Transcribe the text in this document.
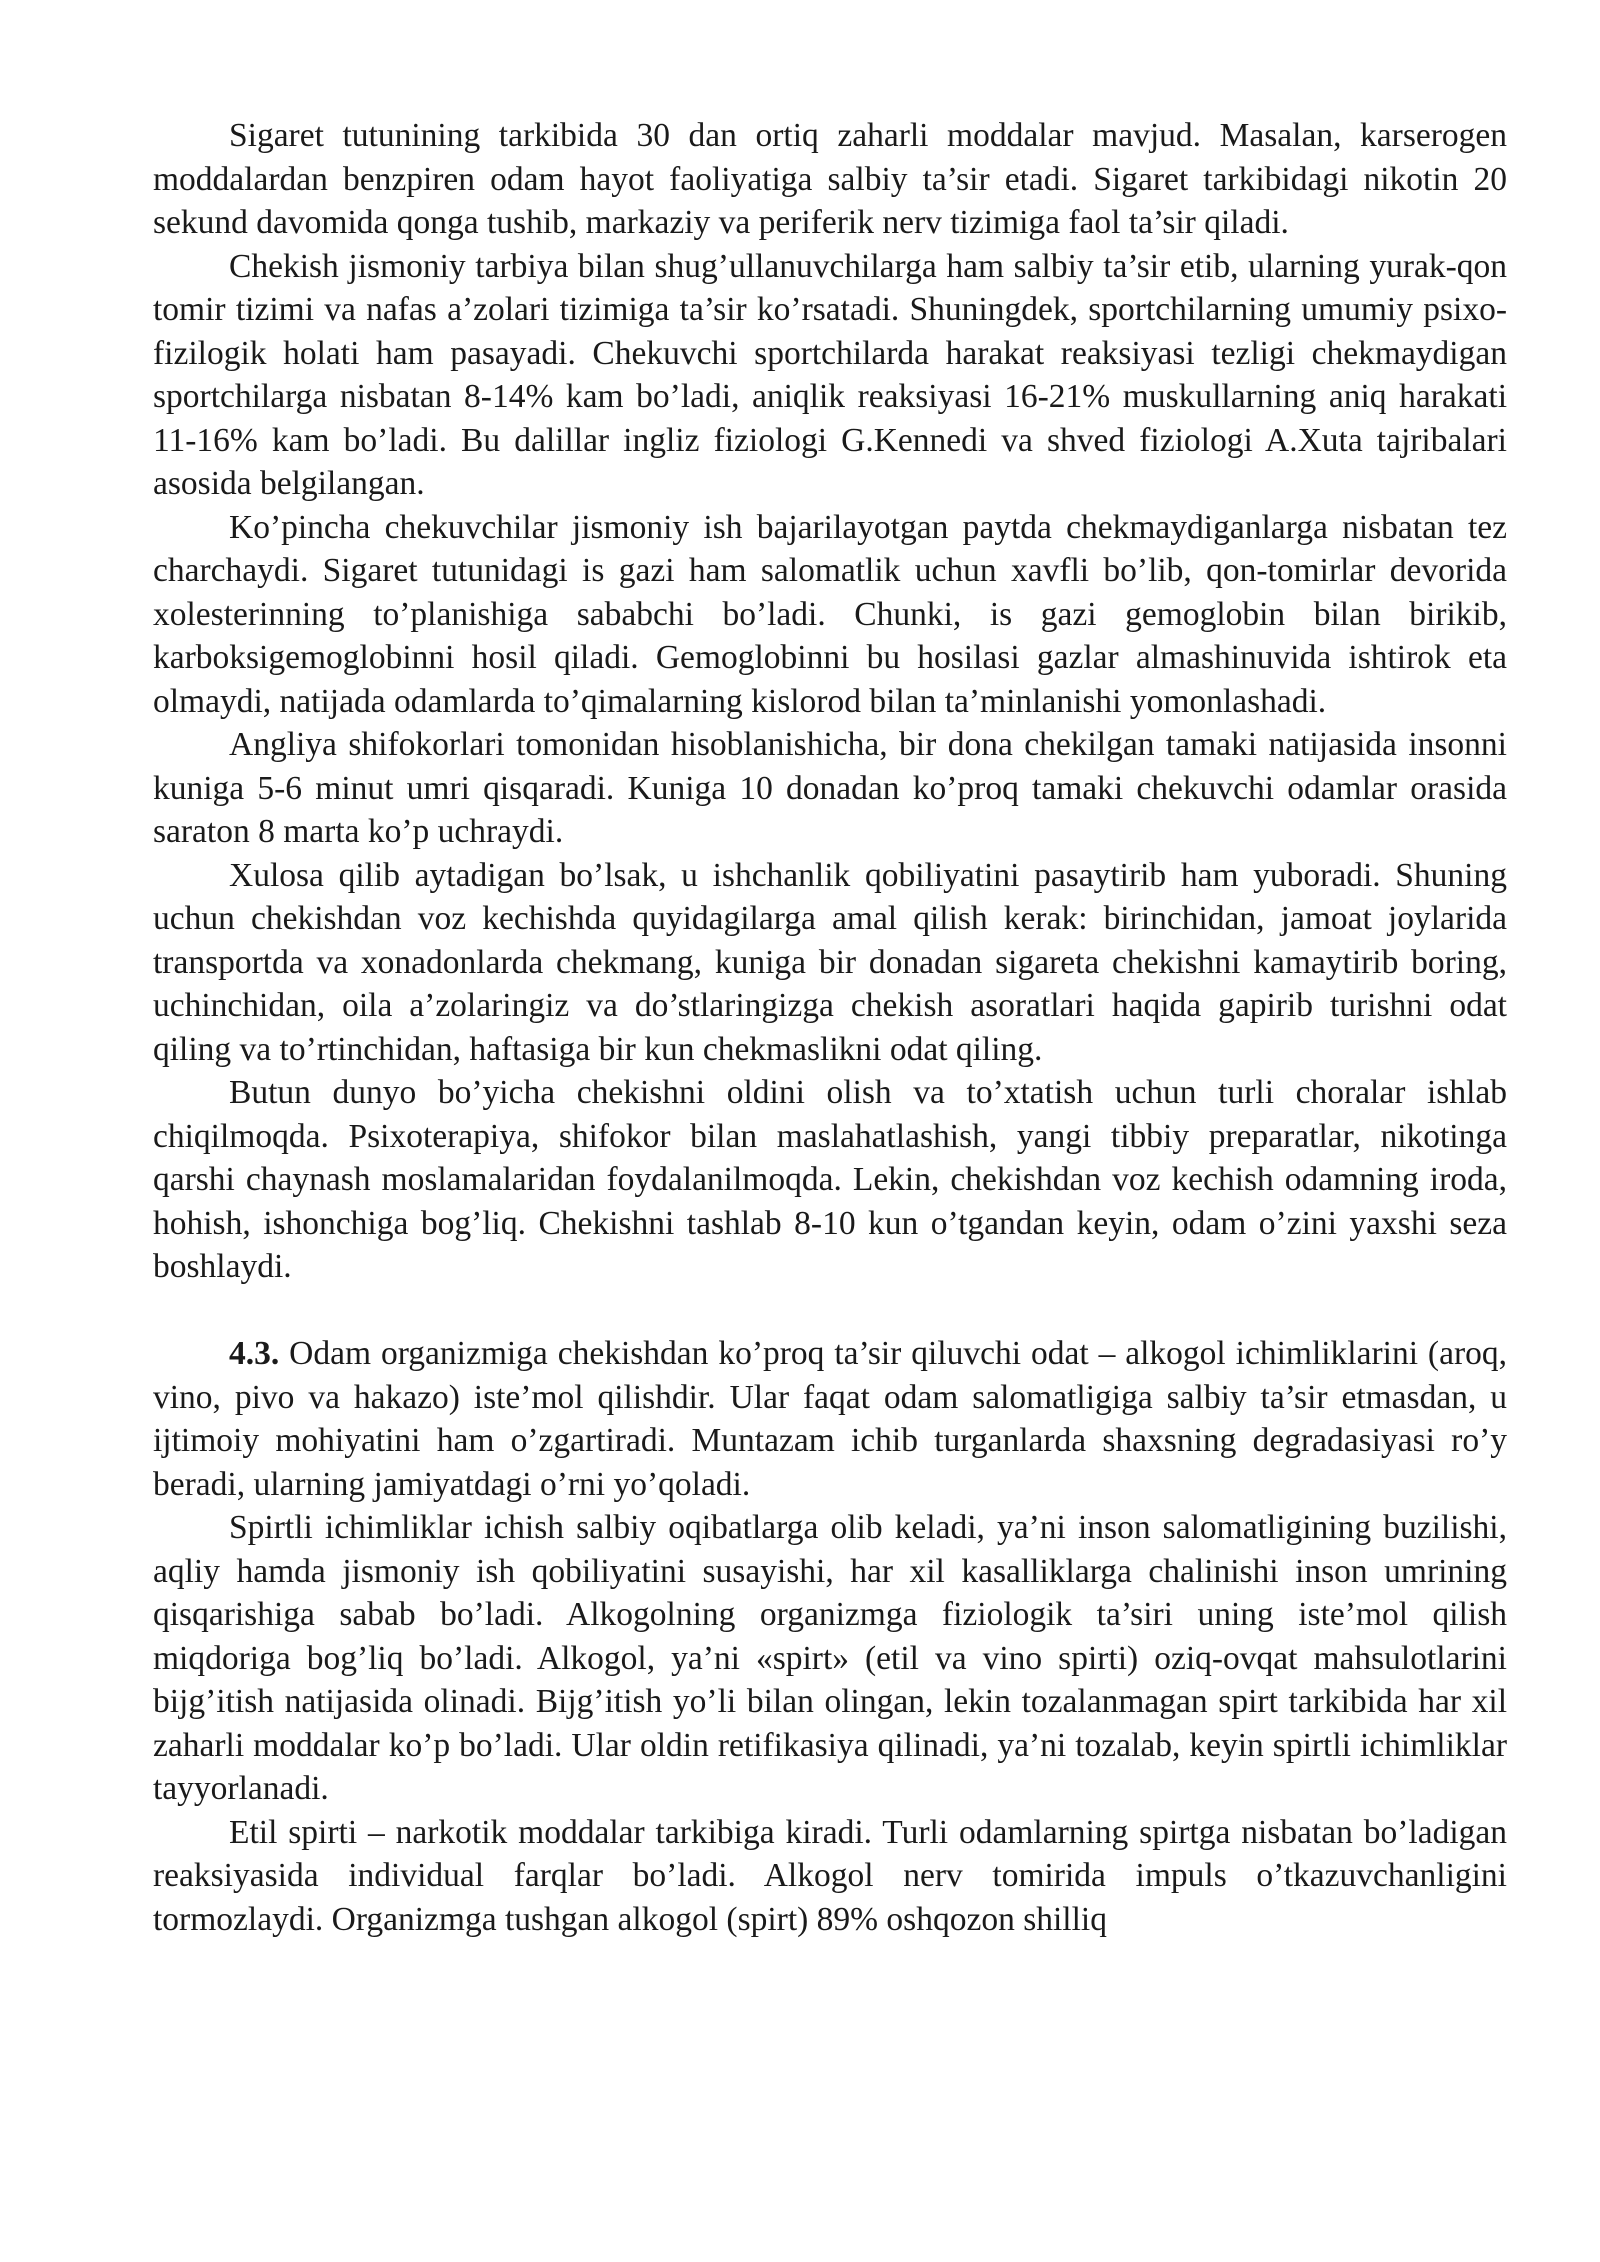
Sigaret tutunining tarkibida 30 dan ortiq zaharli moddalar mavjud. Masalan, karserogen moddalardan benzpiren odam hayot faoliyatiga salbiy ta’sir etadi. Sigaret tarkibidagi nikotin 20 sekund davomida qonga tushib, markaziy va periferik nerv tizimiga faol ta’sir qiladi.

Chekish jismoniy tarbiya bilan shug’ullanuvchilarga ham salbiy ta’sir etib, ularning yurak-qon tomir tizimi va nafas a’zolari tizimiga ta’sir ko’rsatadi. Shuningdek, sportchilarning umumiy psixo-fizilogik holati ham pasayadi. Chekuvchi sportchilarda harakat reaksiyasi tezligi chekmaydigan sportchilarga nisbatan 8-14% kam bo’ladi, aniqlik reaksiyasi 16-21% muskullarning aniq harakati 11-16% kam bo’ladi. Bu dalillar ingliz fiziologi G.Kennedi va shved fiziologi A.Xuta tajribalari asosida belgilangan.

Ko’pincha chekuvchilar jismoniy ish bajarilayotgan paytda chekmaydiganlarga nisbatan tez charchaydi. Sigaret tutunidagi is gazi ham salomatlik uchun xavfli bo’lib, qon-tomirlar devorida xolesterinning to’planishiga sababchi bo’ladi. Chunki, is gazi gemoglobin bilan birikib, karboksigemoglobinni hosil qiladi. Gemoglobinni bu hosilasi gazlar almashinuvida ishtirok eta olmaydi, natijada odamlarda to’qimalarning kislorod bilan ta’minlanishi yomonlashadi.

Angliya shifokorlari tomonidan hisoblanishicha, bir dona chekilgan tamaki natijasida insonni kuniga 5-6 minut umri qisqaradi. Kuniga 10 donadan ko’proq tamaki chekuvchi odamlar orasida saraton 8 marta ko’p uchraydi.

Xulosa qilib aytadigan bo’lsak, u ishchanlik qobiliyatini pasaytirib ham yuboradi. Shuning uchun chekishdan voz kechishda quyidagilarga amal qilish kerak: birinchidan, jamoat joylarida transportda va xonadonlarda chekmang, kuniga bir donadan sigareta chekishni kamaytirib boring, uchinchidan, oila a’zolaringiz va do’stlaringizga chekish asoratlari haqida gapirib turishni odat qiling va to’rtinchidan, haftasiga bir kun chekmaslikni odat qiling.

Butun dunyo bo’yicha chekishni oldini olish va to’xtatish uchun turli choralar ishlab chiqilmoqda. Psixoterapiya, shifokor bilan maslahatlashish, yangi tibbiy preparatlar, nikotinga qarshi chaynash moslamalaridan foydalanilmoqda. Lekin, chekishdan voz kechish odamning iroda, hohish, ishonchiga bog’liq. Chekishni tashlab 8-10 kun o’tgandan keyin, odam o’zini yaxshi seza boshlaydi.

4.3. Odam organizmiga chekishdan ko’proq ta’sir qiluvchi odat – alkogol ichimliklarini (aroq, vino, pivo va hakazo) iste’mol qilishdir. Ular faqat odam salomatligiga salbiy ta’sir etmasdan, u ijtimoiy mohiyatini ham o’zgartiradi. Muntazam ichib turganlarda shaxsning degradasiyasi ro’y beradi, ularning jamiyatdagi o’rni yo’qoladi.

Spirtli ichimliklar ichish salbiy oqibatlarga olib keladi, ya’ni inson salomatligining buzilishi, aqliy hamda jismoniy ish qobiliyatini susayishi, har xil kasalliklarga chalinishi inson umrining qisqarishiga sabab bo’ladi. Alkogolning organizmga fiziologik ta’siri uning iste’mol qilish miqdoriga bog’liq bo’ladi. Alkogol, ya’ni «spirt» (etil va vino spirti) oziq-ovqat mahsulotlarini bijg’itish natijasida olinadi. Bijg’itish yo’li bilan olingan, lekin tozalanmagan spirt tarkibida har xil zaharli moddalar ko’p bo’ladi. Ular oldin retifikasiya qilinadi, ya’ni tozalab, keyin spirtli ichimliklar tayyorlanadi.

Etil spirti – narkotik moddalar tarkibiga kiradi. Turli odamlarning spirtga nisbatan bo’ladigan reaksiyasida individual farqlar bo’ladi. Alkogol nerv tomirida impuls o’tkazuvchanligini tormozlaydi. Organizmga tushgan alkogol (spirt) 89% oshqozon shilliq
